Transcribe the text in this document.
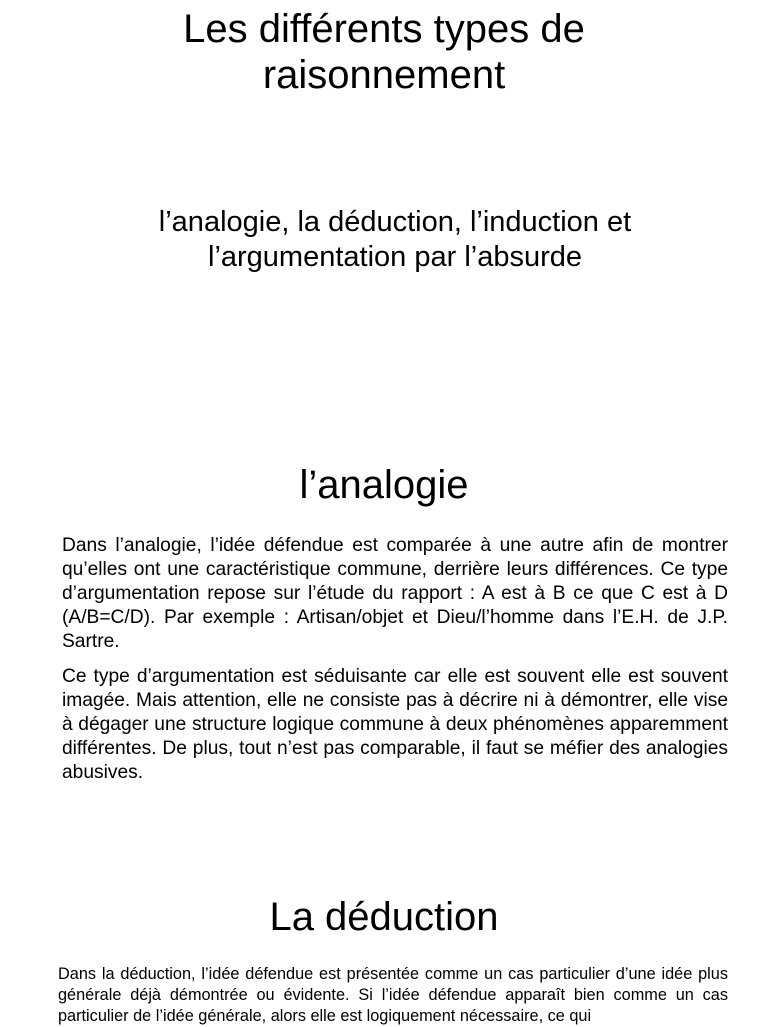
Les différents types de raisonnement
l’analogie, la déduction, l’induction et l’argumentation par l’absurde
l’analogie

Dans l’analogie, l’idée défendue est comparée à une autre afin de montrer qu’elles ont une caractéristique commune, derrière leurs différences. Ce type d’argumentation repose sur l’étude du rapport : A est à B ce que C est à D (A/B=C/D). Par exemple : Artisan/objet et Dieu/l’homme dans l’E.H. de J.P. Sartre.

Ce type d’argumentation est séduisante car elle est souvent elle est souvent imagée. Mais attention, elle ne consiste pas à décrire ni à démontrer, elle vise à dégager une structure logique commune à deux phénomènes apparemment différentes. De plus, tout n’est pas comparable, il faut se méfier des analogies abusives.

La déduction

Dans la déduction, l’idée défendue est présentée comme un cas particulier d’une idée plus générale déjà démontrée ou évidente. Si l’idée défendue apparaît bien comme un cas particulier de l’idée générale, alors elle est logiquement nécessaire, ce qui
